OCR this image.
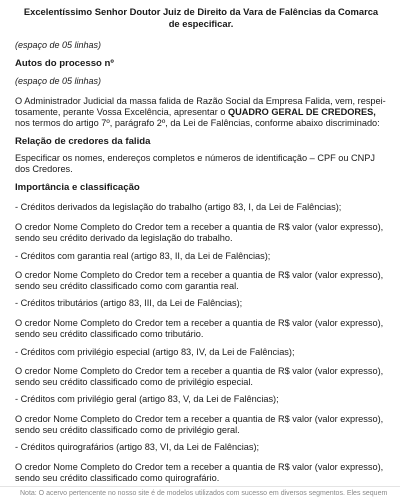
Excelentíssimo Senhor Doutor Juiz de Direito da Vara de Falências da Comarca
de especificar.
(espaço de 05 linhas)
Autos do processo nº
(espaço de 05 linhas)
O Administrador Judicial da massa falida de Razão Social da Empresa Falida, vem, respei-
tosamente, perante Vossa Excelência, apresentar o QUADRO GERAL DE CREDORES,
nos termos do artigo 7º, parágrafo 2º, da Lei de Falências, conforme abaixo discriminado:
Relação de credores da falida
Especificar os nomes, endereços completos e números de identificação – CPF ou CNPJ
dos Credores.
Importância e classificação
- Créditos derivados da legislação do trabalho (artigo 83, I, da Lei de Falências);
O credor Nome Completo do Credor tem a receber a quantia de R$ valor (valor expresso),
sendo seu crédito derivado da legislação do trabalho.
- Créditos com garantia real (artigo 83, II, da Lei de Falências);
O credor Nome Completo do Credor tem a receber a quantia de R$ valor (valor expresso),
sendo seu crédito classificado como com garantia real.
- Créditos tributários (artigo 83, III, da Lei de Falências);
O credor Nome Completo do Credor tem a receber a quantia de R$ valor (valor expresso),
sendo seu crédito classificado como tributário.
- Créditos com privilégio especial (artigo 83, IV, da Lei de Falências);
O credor Nome Completo do Credor tem a receber a quantia de R$ valor (valor expresso),
sendo seu crédito classificado como de privilégio especial.
- Créditos com privilégio geral (artigo 83, V, da Lei de Falências);
O credor Nome Completo do Credor tem a receber a quantia de R$ valor (valor expresso),
sendo seu crédito classificado como de privilégio geral.
- Créditos quirografários (artigo 83, VI, da Lei de Falências);
O credor Nome Completo do Credor tem a receber a quantia de R$ valor (valor expresso),
sendo seu crédito classificado como quirografário.
Nota: O acervo pertencente no nosso site é de modelos utilizados com sucesso em diversos segmentos. Eles sequem
